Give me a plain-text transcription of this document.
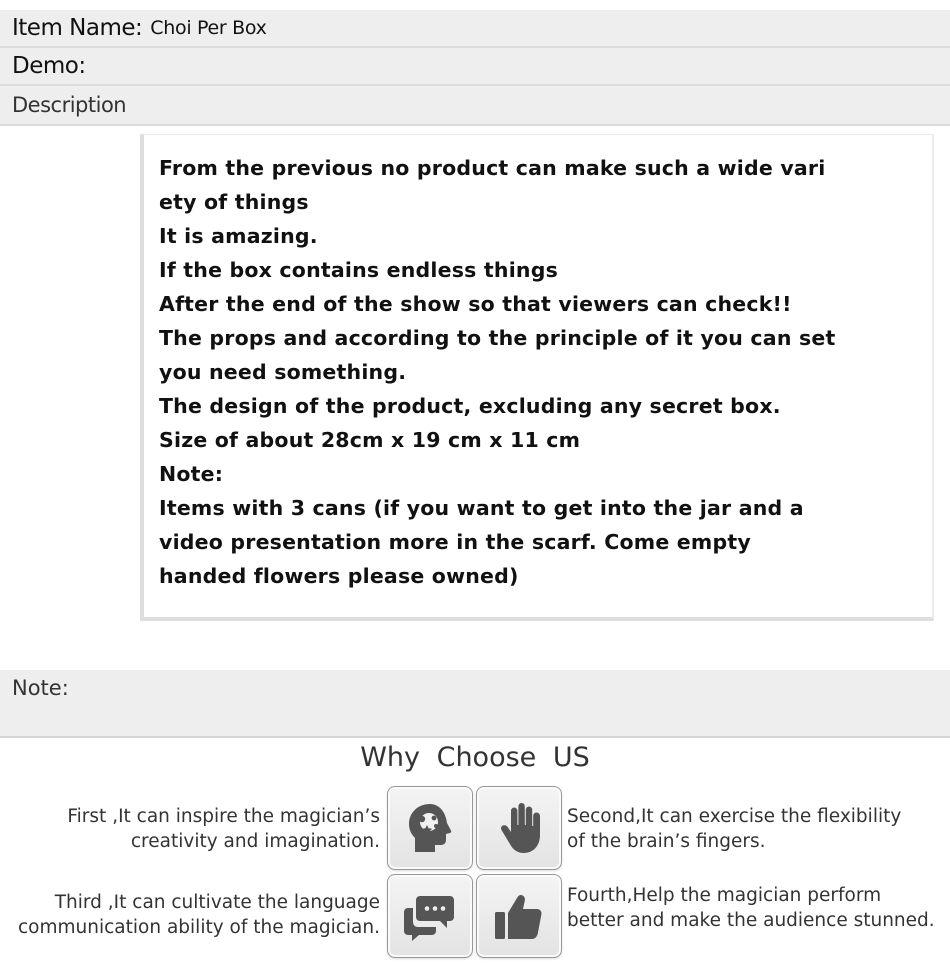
Item Name: Choi Per Box
Demo:
Description
From the previous no product can make such a wide vari
ety of things
It is amazing.
If the box contains endless things
After the end of the show so that viewers can check!!
The props and according to the principle of it you can set
you need something.
The design of the product, excluding any secret box.
Size of about 28cm x 19 cm x 11 cm
Note:
Items with 3 cans (if you want to get into the jar and a
video presentation more in the scarf. Come empty
handed flowers please owned)
Note:
Why Choose US
First ,It can inspire the magician’s
creativity and imagination.
Second,It can exercise the flexibility
of the brain’s fingers.
Third ,It can cultivate the language
communication ability of the magician.
Fourth,Help the magician perform
better and make the audience stunned.
